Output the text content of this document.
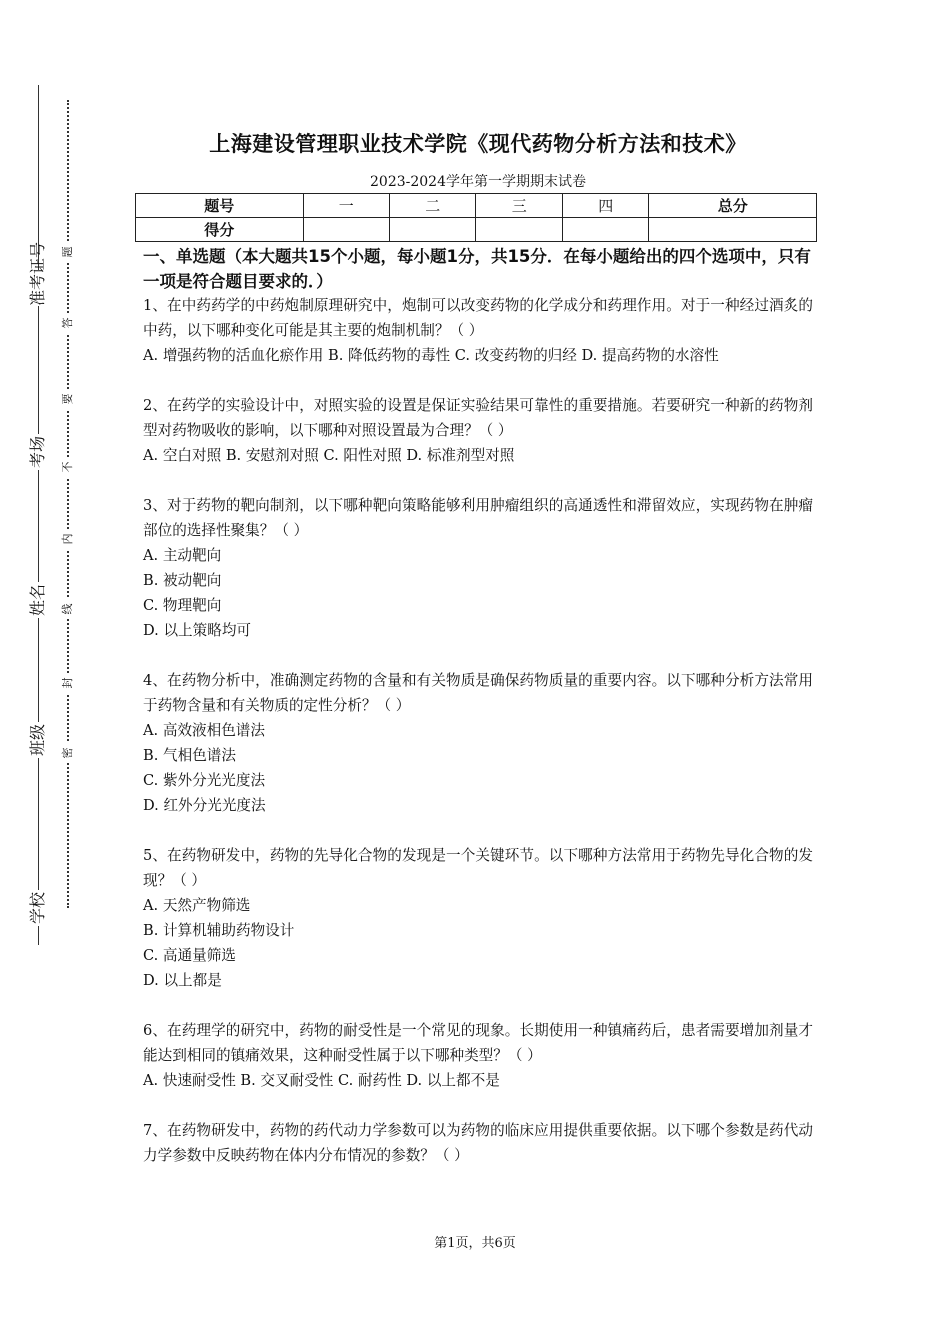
准考证号
考场
姓名
班级
学校
题
答
要
不
内
线
封
密
上海建设管理职业技术学院《现代药物分析方法和技术》
2023-2024学年第一学期期末试卷
题号	一	二	三	四	总分
得分					
一、单选题（本大题共15个小题，每小题1分，共15分．在每小题给出的四个选项中，只有一项是符合题目要求的．）
1、在中药药学的中药炮制原理研究中，炮制可以改变药物的化学成分和药理作用。对于一种经过酒炙的中药，以下哪种变化可能是其主要的炮制机制？（ ）
A. 增强药物的活血化瘀作用 B. 降低药物的毒性 C. 改变药物的归经 D. 提高药物的水溶性
2、在药学的实验设计中，对照实验的设置是保证实验结果可靠性的重要措施。若要研究一种新的药物剂型对药物吸收的影响，以下哪种对照设置最为合理？（ ）
A. 空白对照 B. 安慰剂对照 C. 阳性对照 D. 标准剂型对照
3、对于药物的靶向制剂，以下哪种靶向策略能够利用肿瘤组织的高通透性和滞留效应，实现药物在肿瘤部位的选择性聚集？（ ）
A. 主动靶向
B. 被动靶向
C. 物理靶向
D. 以上策略均可
4、在药物分析中，准确测定药物的含量和有关物质是确保药物质量的重要内容。以下哪种分析方法常用于药物含量和有关物质的定性分析？（ ）
A. 高效液相色谱法
B. 气相色谱法
C. 紫外分光光度法
D. 红外分光光度法
5、在药物研发中，药物的先导化合物的发现是一个关键环节。以下哪种方法常用于药物先导化合物的发现？（ ）
A. 天然产物筛选
B. 计算机辅助药物设计
C. 高通量筛选
D. 以上都是
6、在药理学的研究中，药物的耐受性是一个常见的现象。长期使用一种镇痛药后，患者需要增加剂量才能达到相同的镇痛效果，这种耐受性属于以下哪种类型？（ ）
A. 快速耐受性 B. 交叉耐受性 C. 耐药性 D. 以上都不是
7、在药物研发中，药物的药代动力学参数可以为药物的临床应用提供重要依据。以下哪个参数是药代动力学参数中反映药物在体内分布情况的参数？（ ）
第1页，共6页
